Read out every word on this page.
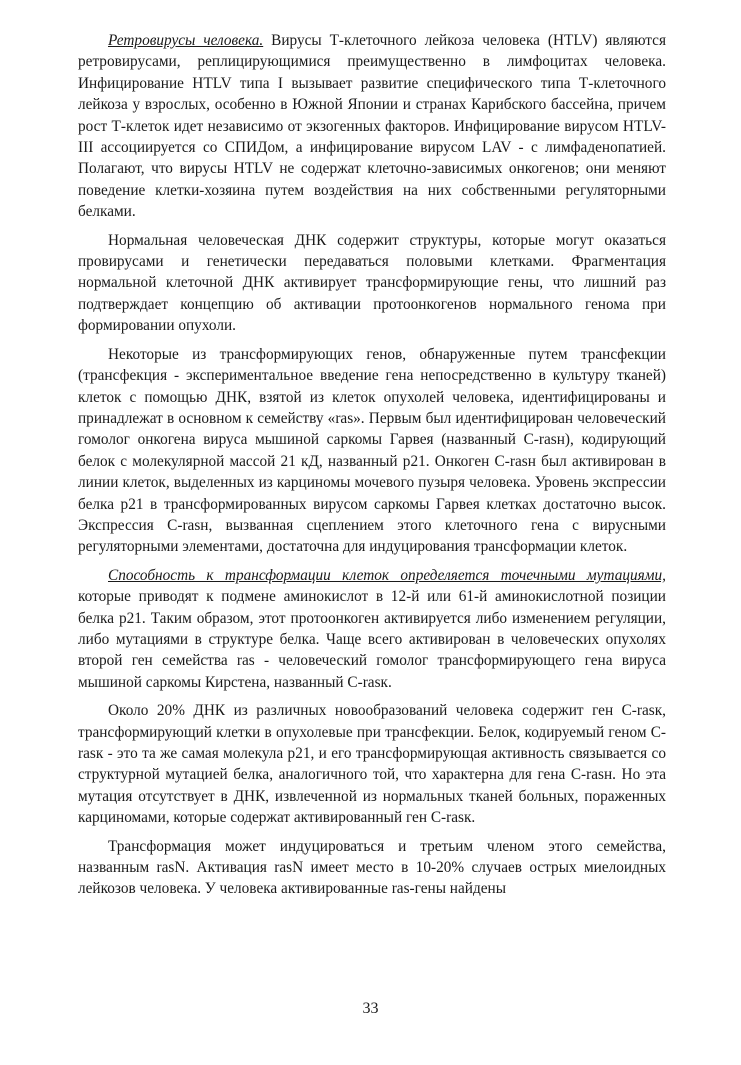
Ретровирусы человека. Вирусы Т-клеточного лейкоза человека (HTLV) являются ретровирусами, реплицирующимися преимущественно в лимфоцитах человека. Инфицирование HTLV типа I вызывает развитие специфического типа Т-клеточного лейкоза у взрослых, особенно в Южной Японии и странах Карибского бассейна, причем рост Т-клеток идет независимо от экзогенных факторов. Инфицирование вирусом HTLV-III ассоциируется со СПИДом, а инфицирование вирусом LAV - с лимфаденопатией. Полагают, что вирусы HTLV не содержат клеточно-зависимых онкогенов; они меняют поведение клетки-хозяина путем воздействия на них собственными регуляторными белками.

Нормальная человеческая ДНК содержит структуры, которые могут оказаться провирусами и генетически передаваться половыми клетками. Фрагментация нормальной клеточной ДНК активирует трансформирующие гены, что лишний раз подтверждает концепцию об активации протоонкогенов нормального генома при формировании опухоли.

Некоторые из трансформирующих генов, обнаруженные путем трансфекции (трансфекция - экспериментальное введение гена непосредственно в культуру тканей) клеток с помощью ДНК, взятой из клеток опухолей человека, идентифицированы и принадлежат в основном к семейству «ras». Первым был идентифицирован человеческий гомолог онкогена вируса мышиной саркомы Гарвея (названный C-rasн), кодирующий белок с молекулярной массой 21 кД, названный p21. Онкоген C-rasн был активирован в линии клеток, выделенных из карциномы мочевого пузыря человека. Уровень экспрессии белка p21 в трансформированных вирусом саркомы Гарвея клетках достаточно высок. Экспрессия C-rasн, вызванная сцеплением этого клеточного гена с вирусными регуляторными элементами, достаточна для индуцирования трансформации клеток.

Способность к трансформации клеток определяется точечными мутациями, которые приводят к подмене аминокислот в 12-й или 61-й аминокислотной позиции белка p21. Таким образом, этот протоонкоген активируется либо изменением регуляции, либо мутациями в структуре белка. Чаще всего активирован в человеческих опухолях второй ген семейства ras - человеческий гомолог трансформирующего гена вируса мышиной саркомы Кирстена, названный C-rasк.

Около 20% ДНК из различных новообразований человека содержит ген C-rasк, трансформирующий клетки в опухолевые при трансфекции. Белок, кодируемый геном C-rasк - это та же самая молекула p21, и его трансформирующая активность связывается со структурной мутацией белка, аналогичного той, что характерна для гена C-rasн. Но эта мутация отсутствует в ДНК, извлеченной из нормальных тканей больных, пораженных карциномами, которые содержат активированный ген C-rasк.

Трансформация может индуцироваться и третьим членом этого семейства, названным rasN. Активация rasN имеет место в 10-20% случаев острых миелоидных лейкозов человека. У человека активированные ras-гены найдены

33
